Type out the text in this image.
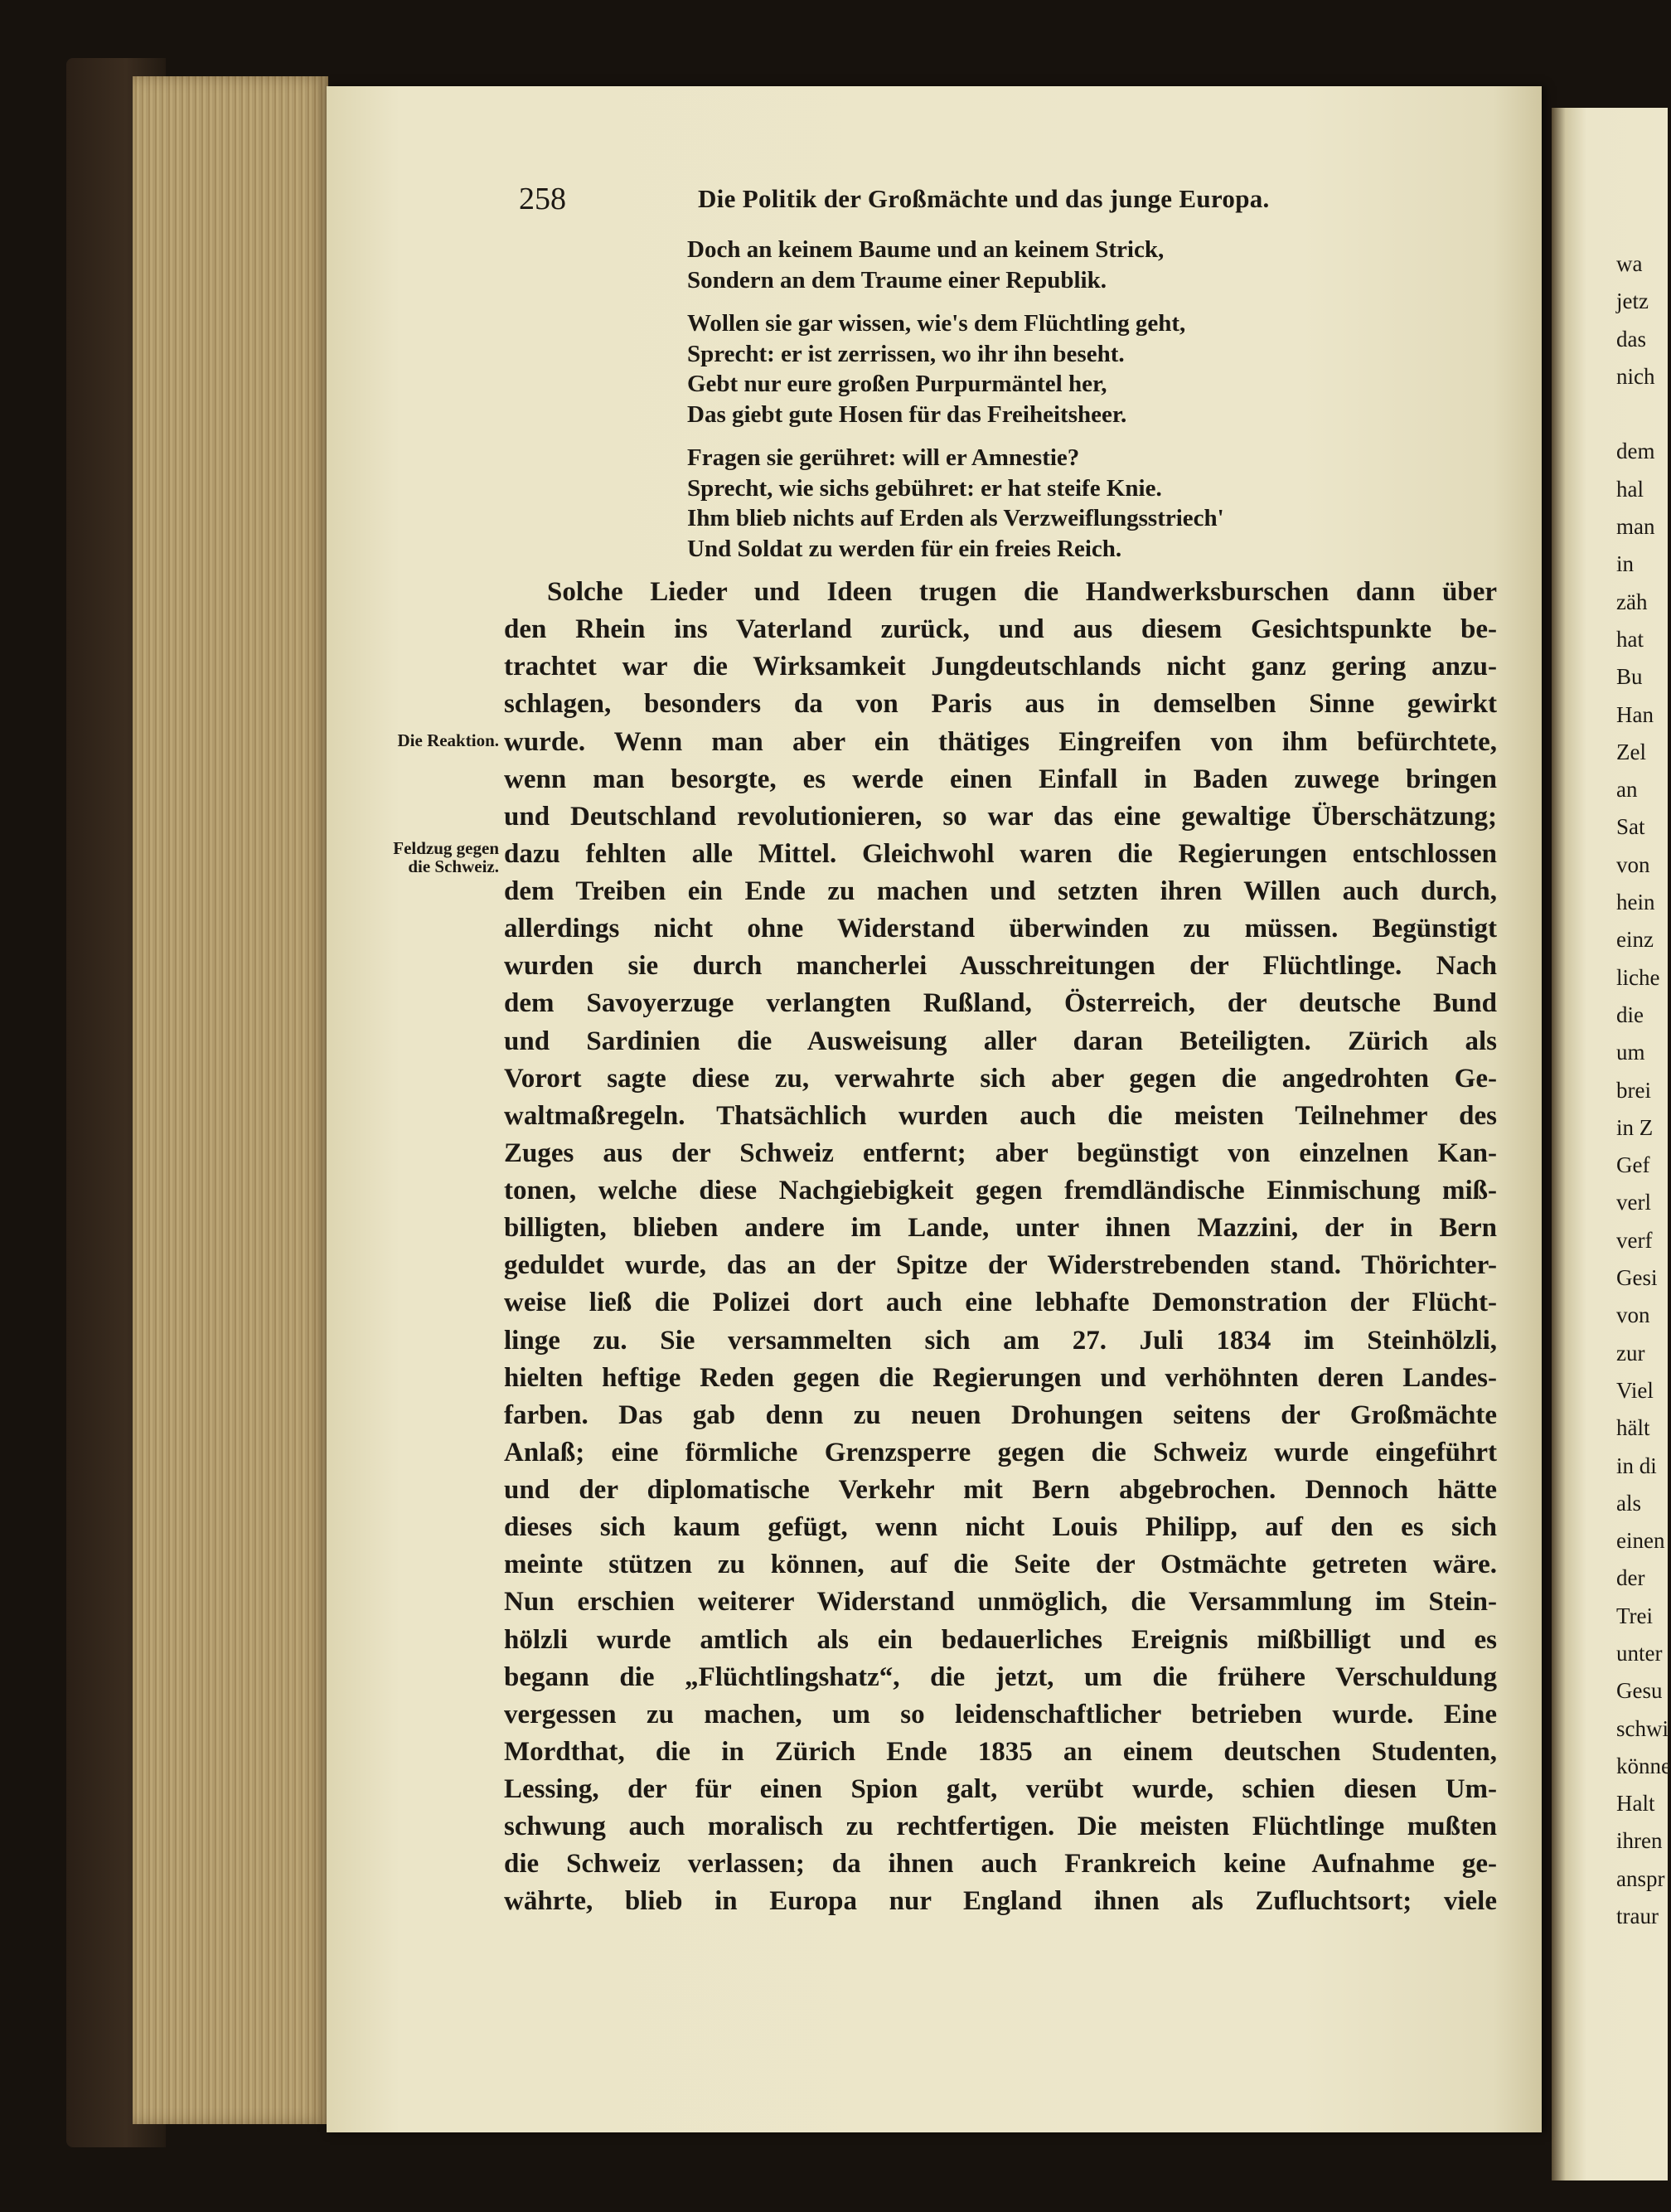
wa
jetz
das
nich

dem
hal
man
in
zäh
hat
Bu
Han
Zel
an
Sat
von
hein
einz
liche
die
um
brei
in Z
Gef
verl
verf
Gesi
von
zur
Viel
hält
in di
als
einen
der
Trei
unter
Gesu
schwi
könne
Halt
ihren
anspr
traur
258	Die Politik der Großmächte und das junge Europa.
Doch an keinem Baume und an keinem Strick,
Sondern an dem Traume einer Republik.
Wollen sie gar wissen, wie's dem Flüchtling geht,
Sprecht: er ist zerrissen, wo ihr ihn beseht.
Gebt nur eure großen Purpurmäntel her,
Das giebt gute Hosen für das Freiheitsheer.
Fragen sie gerühret: will er Amnestie?
Sprecht, wie sichs gebühret: er hat steife Knie.
Ihm blieb nichts auf Erden als Verzweiflungsstriech'
Und Soldat zu werden für ein freies Reich.
Die Reaktion.
Feldzug gegen
die Schweiz.
Solche Lieder und Ideen trugen die Handwerksburschen dann über
den Rhein ins Vaterland zurück, und aus diesem Gesichtspunkte be-
trachtet war die Wirksamkeit Jungdeutschlands nicht ganz gering anzu-
schlagen, besonders da von Paris aus in demselben Sinne gewirkt
wurde. Wenn man aber ein thätiges Eingreifen von ihm befürchtete,
wenn man besorgte, es werde einen Einfall in Baden zuwege bringen
und Deutschland revolutionieren, so war das eine gewaltige Überschätzung;
dazu fehlten alle Mittel. Gleichwohl waren die Regierungen entschlossen
dem Treiben ein Ende zu machen und setzten ihren Willen auch durch,
allerdings nicht ohne Widerstand überwinden zu müssen. Begünstigt
wurden sie durch mancherlei Ausschreitungen der Flüchtlinge. Nach
dem Savoyerzuge verlangten Rußland, Österreich, der deutsche Bund
und Sardinien die Ausweisung aller daran Beteiligten. Zürich als
Vorort sagte diese zu, verwahrte sich aber gegen die angedrohten Ge-
waltmaßregeln. Thatsächlich wurden auch die meisten Teilnehmer des
Zuges aus der Schweiz entfernt; aber begünstigt von einzelnen Kan-
tonen, welche diese Nachgiebigkeit gegen fremdländische Einmischung miß-
billigten, blieben andere im Lande, unter ihnen Mazzini, der in Bern
geduldet wurde, das an der Spitze der Widerstrebenden stand. Thörichter-
weise ließ die Polizei dort auch eine lebhafte Demonstration der Flücht-
linge zu. Sie versammelten sich am 27. Juli 1834 im Steinhölzli,
hielten heftige Reden gegen die Regierungen und verhöhnten deren Landes-
farben. Das gab denn zu neuen Drohungen seitens der Großmächte
Anlaß; eine förmliche Grenzsperre gegen die Schweiz wurde eingeführt
und der diplomatische Verkehr mit Bern abgebrochen. Dennoch hätte
dieses sich kaum gefügt, wenn nicht Louis Philipp, auf den es sich
meinte stützen zu können, auf die Seite der Ostmächte getreten wäre.
Nun erschien weiterer Widerstand unmöglich, die Versammlung im Stein-
hölzli wurde amtlich als ein bedauerliches Ereignis mißbilligt und es
begann die „Flüchtlingshatz“, die jetzt, um die frühere Verschuldung
vergessen zu machen, um so leidenschaftlicher betrieben wurde. Eine
Mordthat, die in Zürich Ende 1835 an einem deutschen Studenten,
Lessing, der für einen Spion galt, verübt wurde, schien diesen Um-
schwung auch moralisch zu rechtfertigen. Die meisten Flüchtlinge mußten
die Schweiz verlassen; da ihnen auch Frankreich keine Aufnahme ge-
währte, blieb in Europa nur England ihnen als Zufluchtsort; viele
